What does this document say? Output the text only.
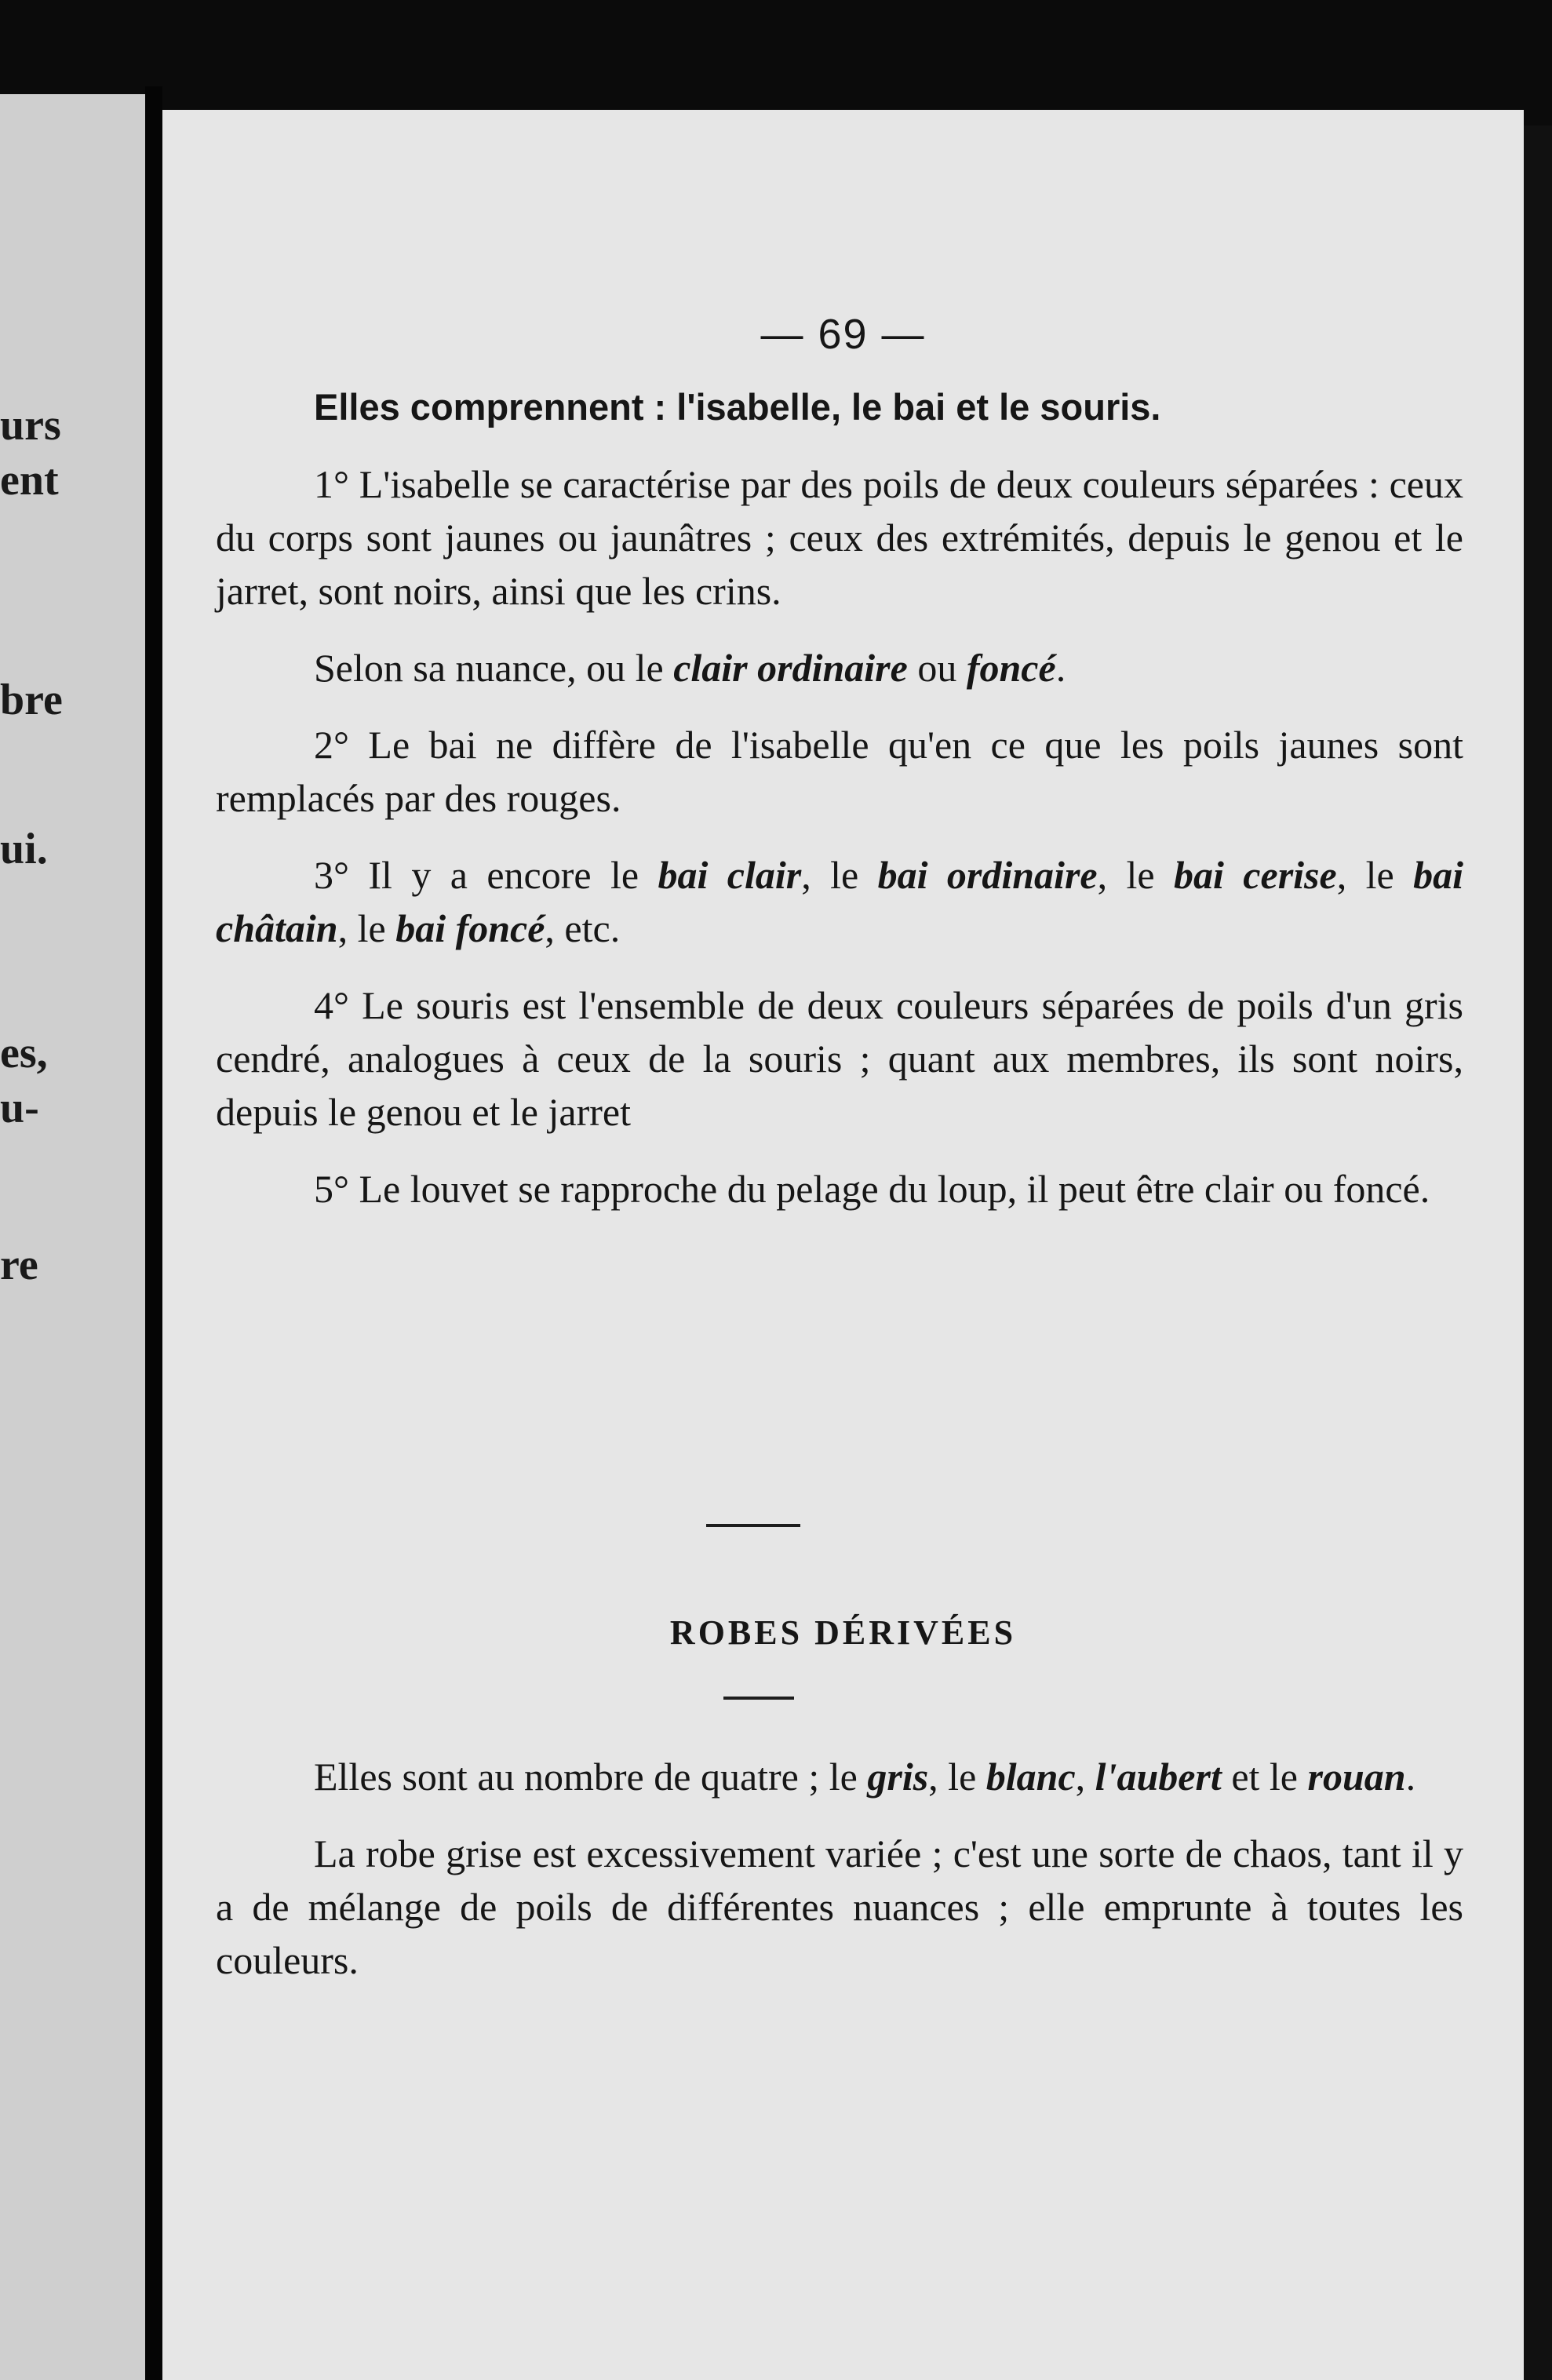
urs
ent
bre
ui.
es,
u-
re
— 69 —

Elles comprennent : l'isabelle, le bai et le souris.

1° L'isabelle se caractérise par des poils de deux couleurs séparées : ceux du corps sont jaunes ou jaunâtres ; ceux des extrémités, depuis le genou et le jarret, sont noirs, ainsi que les crins.

Selon sa nuance, ou le clair ordinaire ou foncé.

2° Le bai ne diffère de l'isabelle qu'en ce que les poils jaunes sont remplacés par des rouges.

3° Il y a encore le bai clair, le bai ordinaire, le bai cerise, le bai châtain, le bai foncé, etc.

4° Le souris est l'ensemble de deux couleurs séparées de poils d'un gris cendré, analogues à ceux de la souris ; quant aux membres, ils sont noirs, depuis le genou et le jarret

5° Le louvet se rapproche du pelage du loup, il peut être clair ou foncé.

ROBES DÉRIVÉES

Elles sont au nombre de quatre ; le gris, le blanc, l'aubert et le rouan.

La robe grise est excessivement variée ; c'est une sorte de chaos, tant il y a de mélange de poils de différentes nuances ; elle emprunte à toutes les couleurs.
